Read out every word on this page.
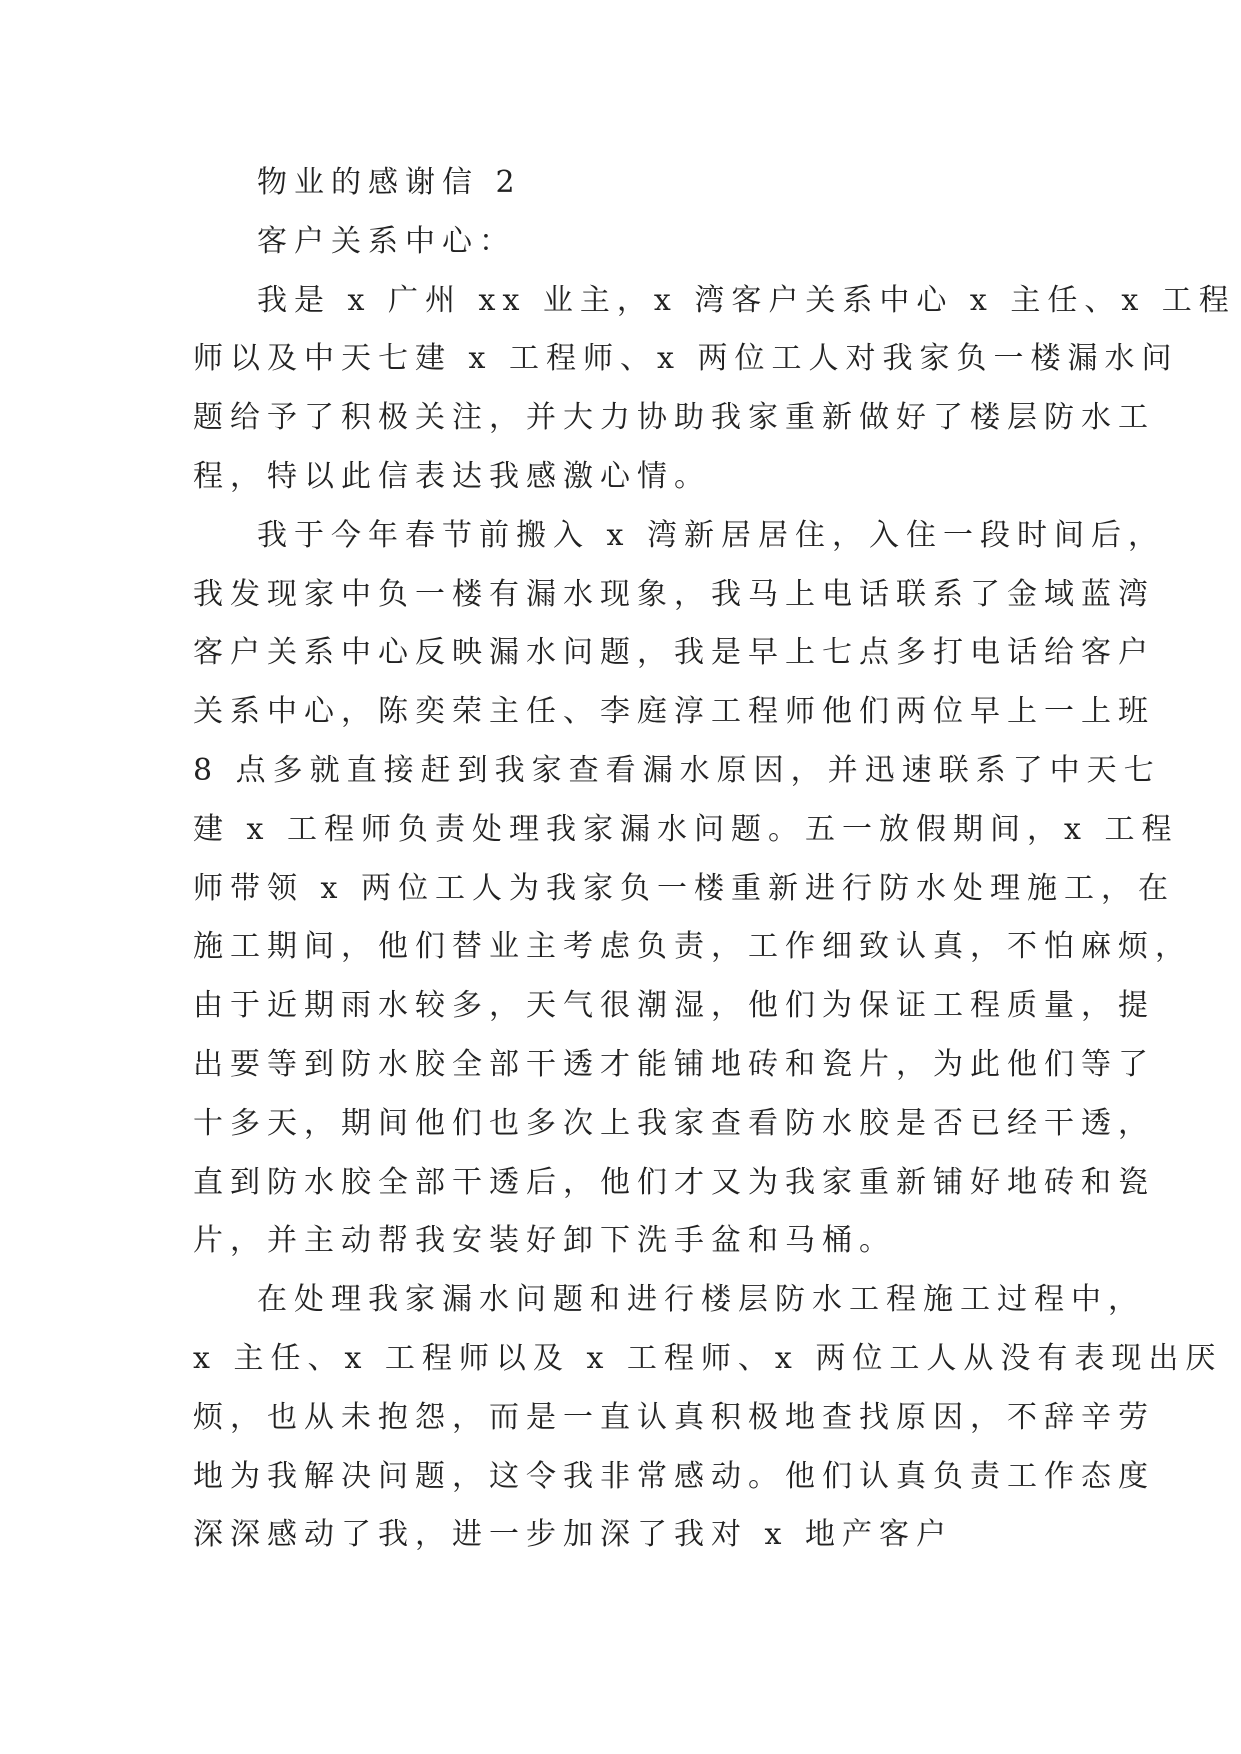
物业的感谢信 2
客户关系中心：
我是 x 广州 xx 业主，x 湾客户关系中心 x 主任、x 工程
师以及中天七建 x 工程师、x 两位工人对我家负一楼漏水问
题给予了积极关注，并大力协助我家重新做好了楼层防水工
程，特以此信表达我感激心情。
我于今年春节前搬入 x 湾新居居住，入住一段时间后，
我发现家中负一楼有漏水现象，我马上电话联系了金域蓝湾
客户关系中心反映漏水问题，我是早上七点多打电话给客户
关系中心，陈奕荣主任、李庭淳工程师他们两位早上一上班
8 点多就直接赶到我家查看漏水原因，并迅速联系了中天七
建 x 工程师负责处理我家漏水问题。五一放假期间，x 工程
师带领 x 两位工人为我家负一楼重新进行防水处理施工，在
施工期间，他们替业主考虑负责，工作细致认真，不怕麻烦，
由于近期雨水较多，天气很潮湿，他们为保证工程质量，提
出要等到防水胶全部干透才能铺地砖和瓷片，为此他们等了
十多天，期间他们也多次上我家查看防水胶是否已经干透，
直到防水胶全部干透后，他们才又为我家重新铺好地砖和瓷
片，并主动帮我安装好卸下洗手盆和马桶。
在处理我家漏水问题和进行楼层防水工程施工过程中，
x 主任、x 工程师以及 x 工程师、x 两位工人从没有表现出厌
烦，也从未抱怨，而是一直认真积极地查找原因，不辞辛劳
地为我解决问题，这令我非常感动。他们认真负责工作态度
深深感动了我，进一步加深了我对 x 地产客户
